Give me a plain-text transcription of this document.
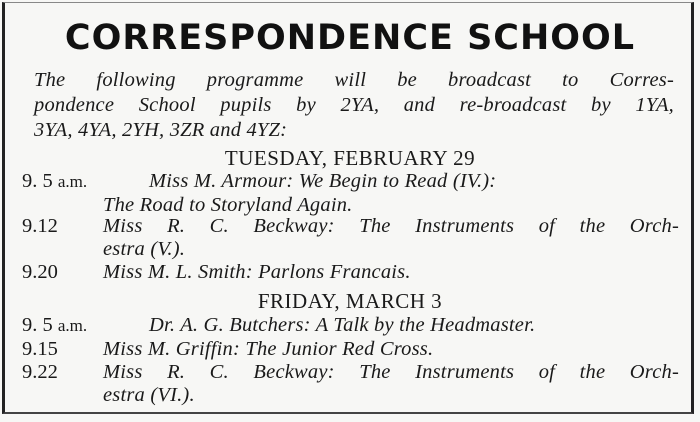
CORRESPONDENCE SCHOOL
The following programme will be broadcast to Corres-
pondence School pupils by 2YA, and re-broadcast by 1YA,
3YA, 4YA, 2YH, 3ZR and 4YZ:
TUESDAY, FEBRUARY 29
9. 5 a.m.	Miss M. Armour: We Begin to Read (IV.):
The Road to Storyland Again.
9.12 Miss R. C. Beckway: The Instruments of the Orch-
estra (V.).
9.20 Miss M. L. Smith: Parlons Francais.
FRIDAY, MARCH 3
9. 5 a.m.	Dr. A. G. Butchers: A Talk by the Headmaster.
9.15 Miss M. Griffin: The Junior Red Cross.
9.22 Miss R. C. Beckway: The Instruments of the Orch-
estra (VI.).
